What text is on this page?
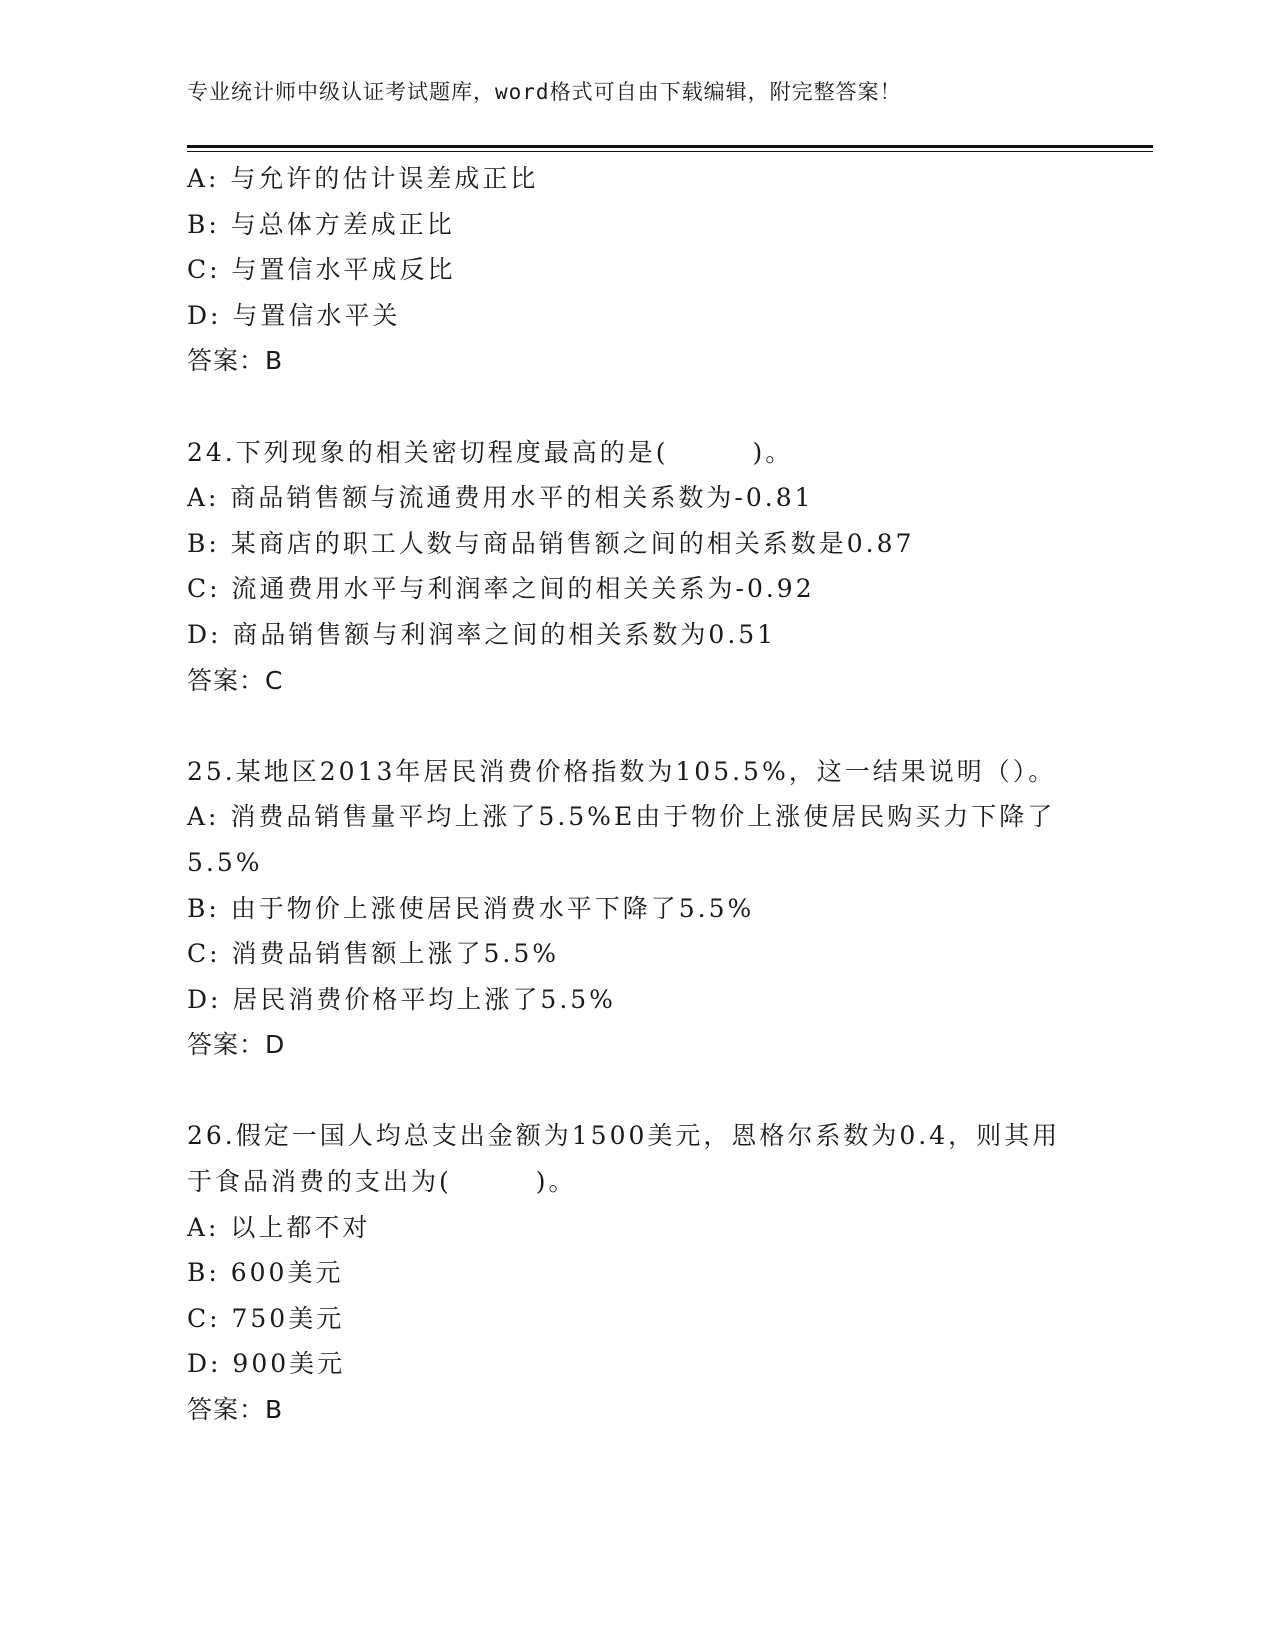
专业统计师中级认证考试题库，word格式可自由下载编辑，附完整答案！
A: 与允许的估计误差成正比
B: 与总体方差成正比
C: 与置信水平成反比
D: 与置信水平关
答案：B
24.下列现象的相关密切程度最高的是(　　　)。
A: 商品销售额与流通费用水平的相关系数为-0.81
B: 某商店的职工人数与商品销售额之间的相关系数是0.87
C: 流通费用水平与利润率之间的相关关系为-0.92
D: 商品销售额与利润率之间的相关系数为0.51
答案：C
25.某地区2013年居民消费价格指数为105.5%，这一结果说明（）。
A: 消费品销售量平均上涨了5.5%E由于物价上涨使居民购买力下降了
5.5%
B: 由于物价上涨使居民消费水平下降了5.5%
C: 消费品销售额上涨了5.5%
D: 居民消费价格平均上涨了5.5%
答案：D
26.假定一国人均总支出金额为1500美元，恩格尔系数为0.4，则其用
于食品消费的支出为(　　　)。
A: 以上都不对
B: 600美元
C: 750美元
D: 900美元
答案：B
